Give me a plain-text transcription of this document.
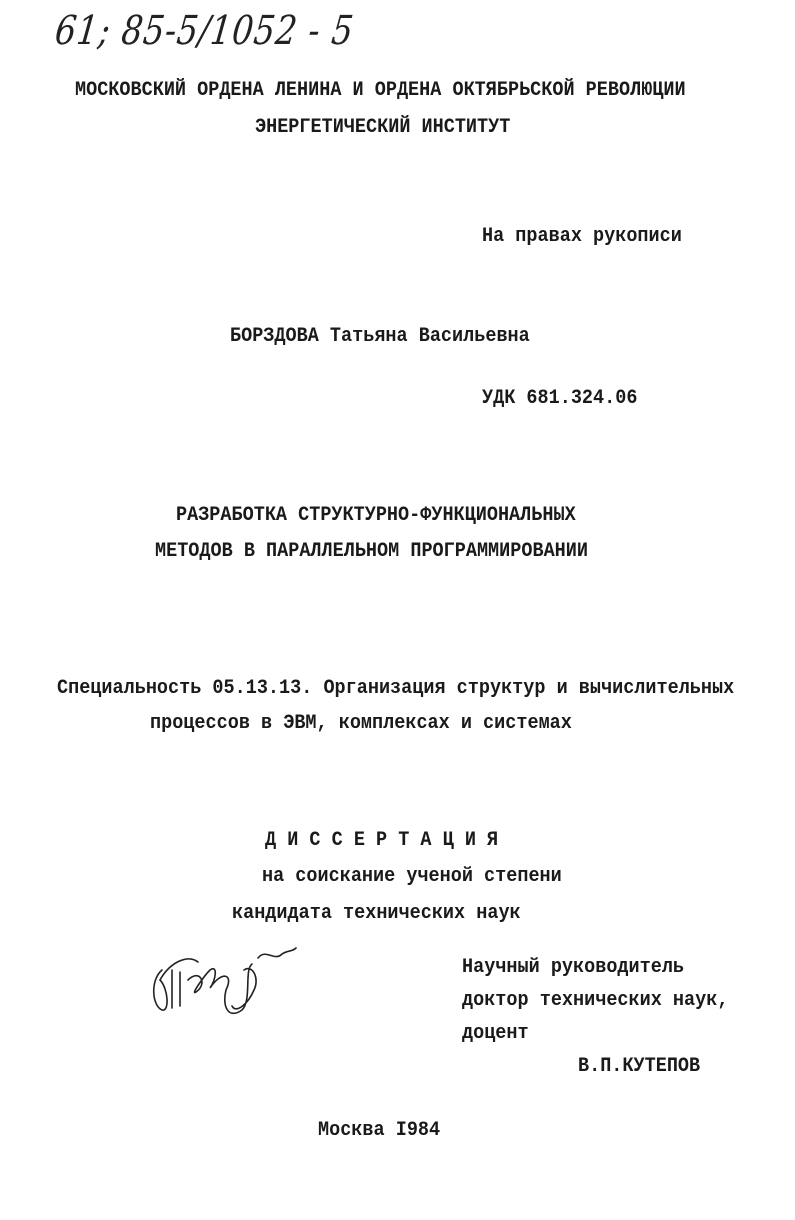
61; 85-5/1052 - 5
МОСКОВСКИЙ ОРДЕНА ЛЕНИНА И ОРДЕНА ОКТЯБРЬСКОЙ РЕВОЛЮЦИИ
ЭНЕРГЕТИЧЕСКИЙ ИНСТИТУТ
На правах рукописи
БОРЗДОВА Татьяна Васильевна
УДК 681.324.06
РАЗРАБОТКА СТРУКТУРНО-ФУНКЦИОНАЛЬНЫХ
МЕТОДОВ В ПАРАЛЛЕЛЬНОМ ПРОГРАММИРОВАНИИ
Специальность 05.13.13. Организация структур и вычислительных
процессов в ЭВМ, комплексах и системах
Д И С С Е Р Т А Ц И Я
на соискание ученой степени
кандидата технических наук
Научный руководитель
доктор технических наук,
доцент
В.П.КУТЕПОВ
Москва I984
